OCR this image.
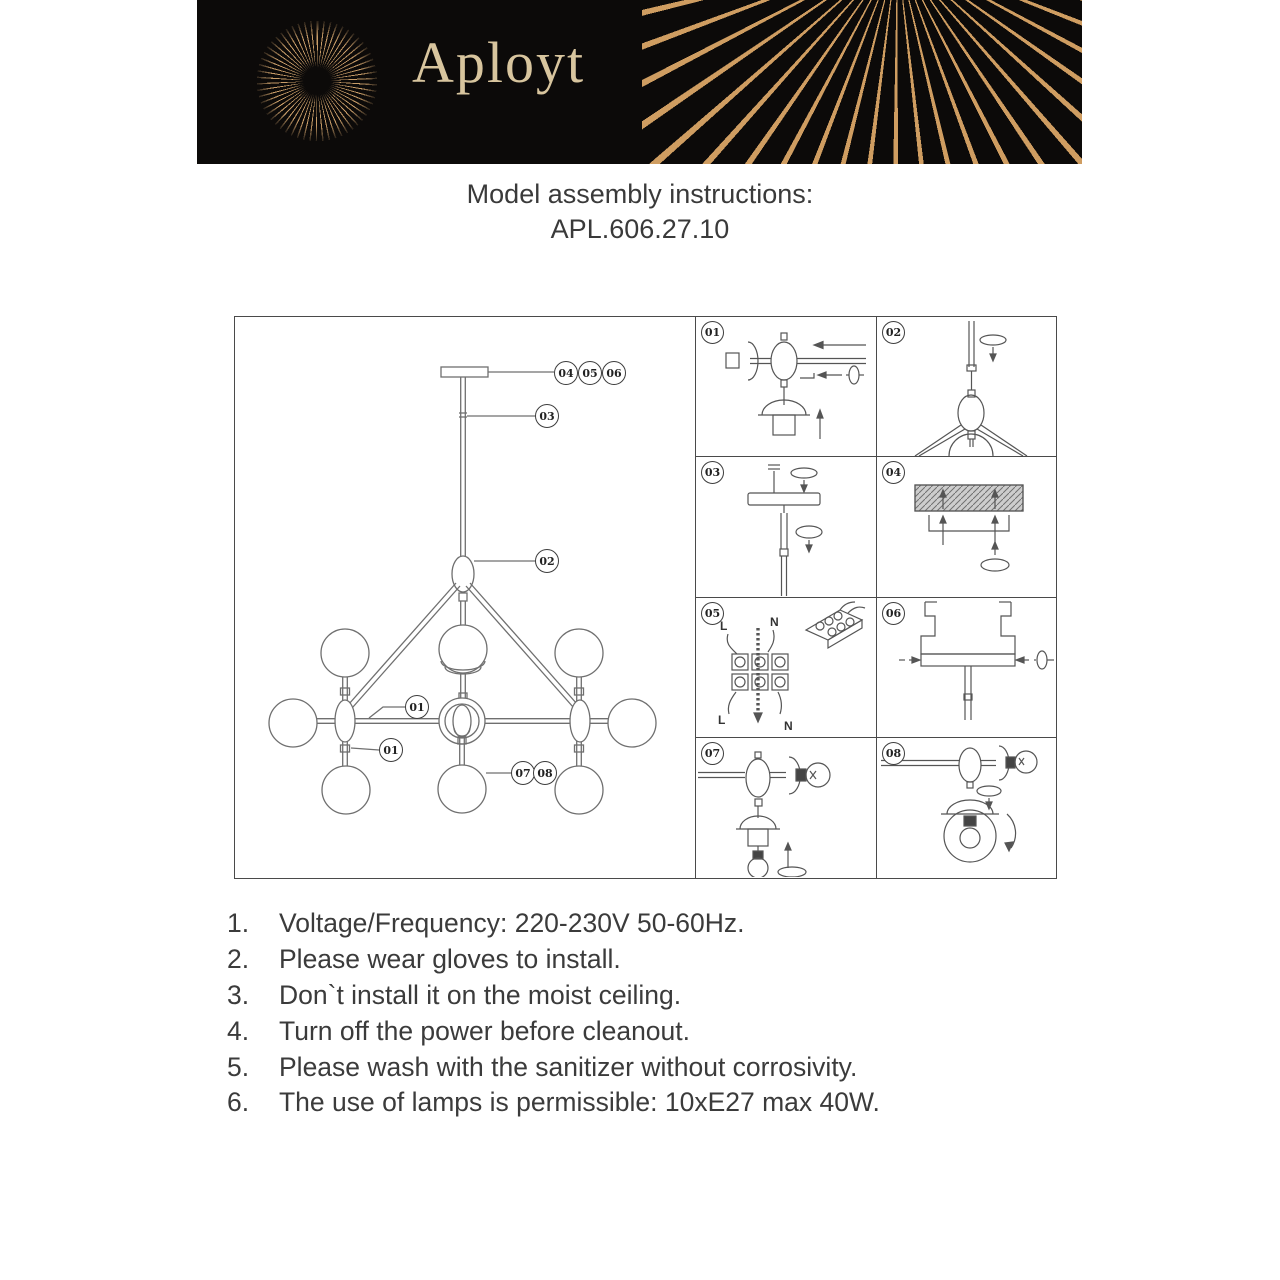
Aployt
Model assembly instructions:
APL.606.27.10
04 05 06
03
02
01
01
07 08
01	02
03	04
05
L	N
L	N
06
07	08
1.	Voltage/Frequency: 220-230V 50-60Hz.
2.	Please wear gloves to install.
3.	Don`t install it on the moist ceiling.
4.	Turn off the power before cleanout.
5.	Please wash with the sanitizer without corrosivity.
6.	The use of lamps is permissible: 10xE27 max 40W.
